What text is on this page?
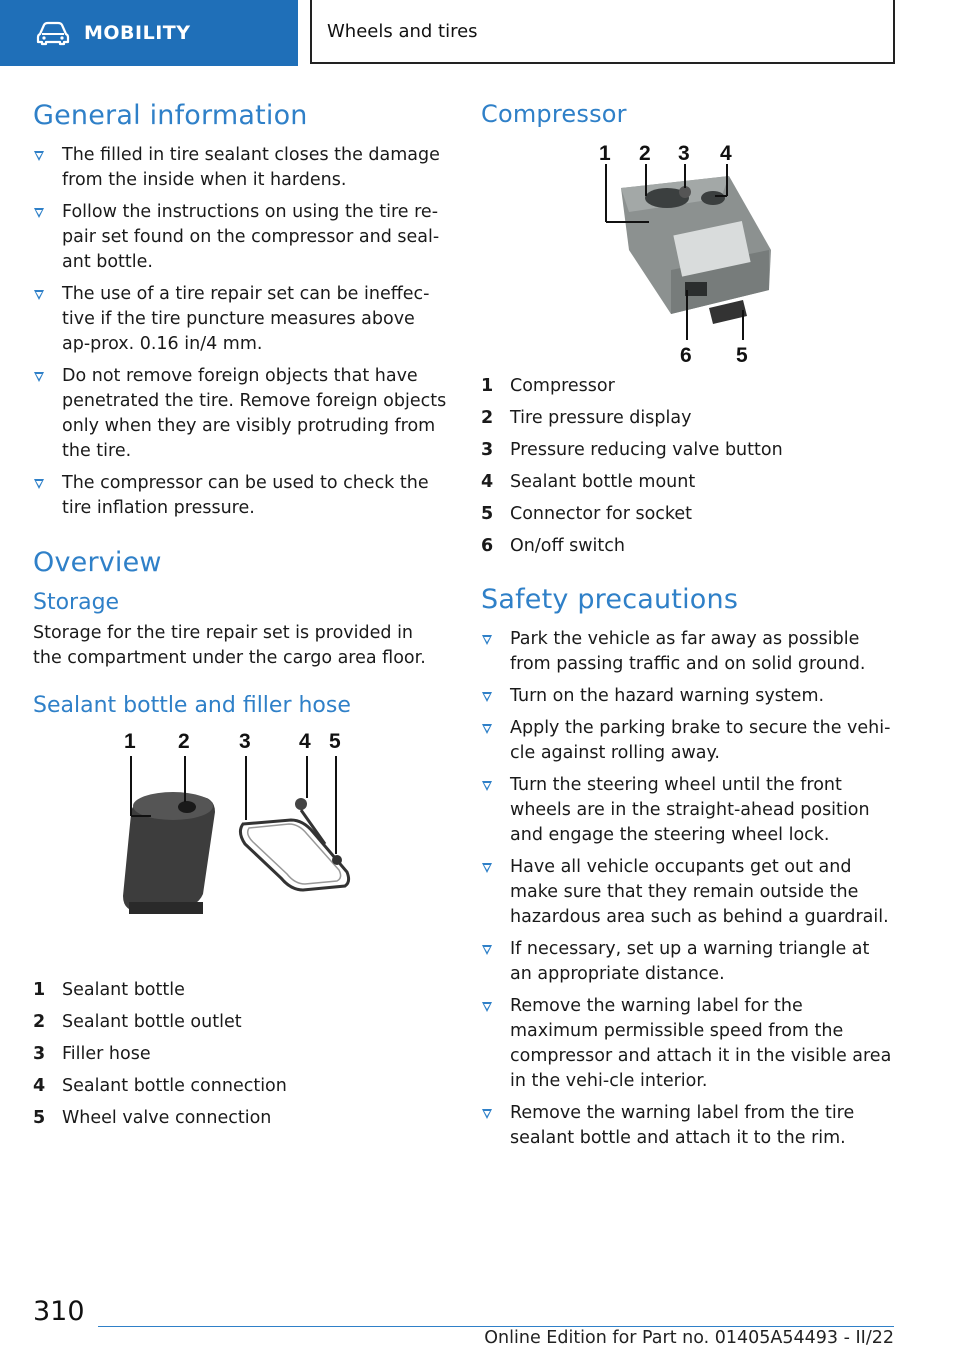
MOBILITY	Wheels and tires
General information
The filled in tire sealant closes the damage from the inside when it hardens.
Follow the instructions on using the tire re-pair set found on the compressor and seal-ant bottle.
The use of a tire repair set can be ineffec-tive if the tire puncture measures above ap-prox. 0.16 in/4 mm.
Do not remove foreign objects that have penetrated the tire. Remove foreign objects only when they are visibly protruding from the tire.
The compressor can be used to check the tire inflation pressure.
Overview
Storage

Storage for the tire repair set is provided in the compartment under the cargo area floor.

Sealant bottle and filler hose
1 2 3 4 5
1 Sealant bottle
2 Sealant bottle outlet
3 Filler hose
4 Sealant bottle connection
5 Wheel valve connection
Compressor
1 2 3 4
6 5
1 Compressor
2 Tire pressure display
3 Pressure reducing valve button
4 Sealant bottle mount
5 Connector for socket
6 On/off switch
Safety precautions
Park the vehicle as far away as possible from passing traffic and on solid ground.
Turn on the hazard warning system.
Apply the parking brake to secure the vehi-cle against rolling away.
Turn the steering wheel until the front wheels are in the straight-ahead position and engage the steering wheel lock.
Have all vehicle occupants get out and make sure that they remain outside the hazardous area such as behind a guardrail.
If necessary, set up a warning triangle at an appropriate distance.
Remove the warning label for the maximum permissible speed from the compressor and attach it in the visible area in the vehi-cle interior.
Remove the warning label from the tire sealant bottle and attach it to the rim.
310
Online Edition for Part no. 01405A54493 - II/22
